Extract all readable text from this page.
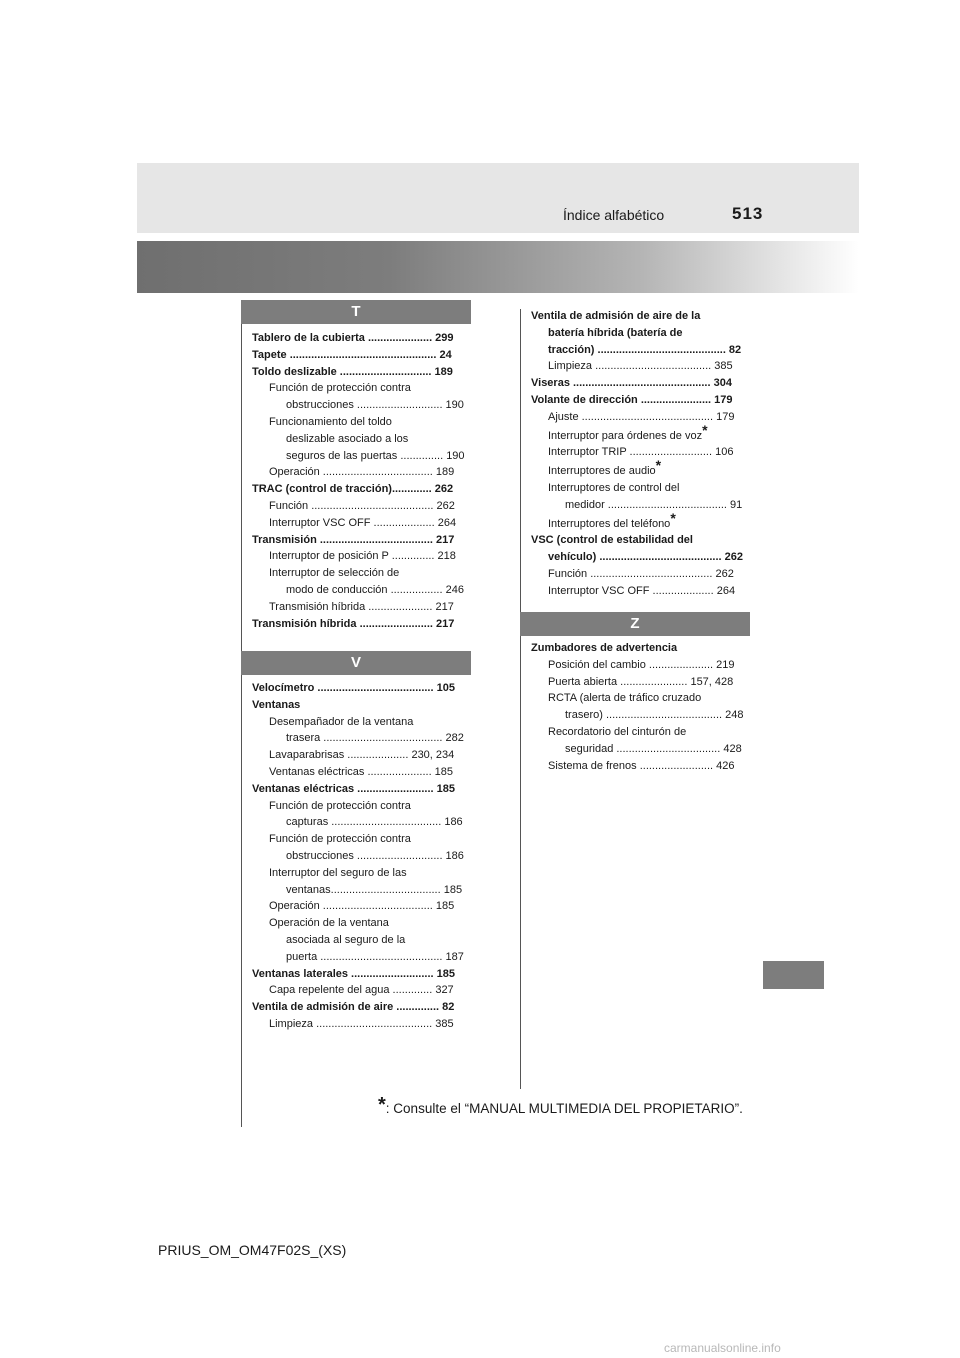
Índice alfabético	513
T
Tablero de la cubierta ..................... 299
Tapete ................................................ 24
Toldo deslizable .............................. 189
Función de protección contra
obstrucciones ............................ 190
Funcionamiento del toldo
deslizable asociado a los
seguros de las puertas .............. 190
Operación .................................... 189
TRAC (control de tracción)............. 262
Función ........................................ 262
Interruptor VSC OFF .................... 264
Transmisión ..................................... 217
Interruptor de posición P .............. 218
Interruptor de selección de
modo de conducción ................. 246
Transmisión híbrida ..................... 217
Transmisión híbrida ........................ 217
V
Velocímetro ...................................... 105
Ventanas
Desempañador de la ventana
trasera ....................................... 282
Lavaparabrisas .................... 230, 234
Ventanas eléctricas ..................... 185
Ventanas eléctricas ......................... 185
Función de protección contra
capturas .................................... 186
Función de protección contra
obstrucciones ............................ 186
Interruptor del seguro de las
ventanas.................................... 185
Operación .................................... 185
Operación de la ventana
asociada al seguro de la
puerta ........................................ 187
Ventanas laterales ........................... 185
Capa repelente del agua ............. 327
Ventila de admisión de aire .............. 82
Limpieza ...................................... 385
Ventila de admisión de aire de la
batería híbrida (batería de
tracción) .......................................... 82
Limpieza ...................................... 385
Viseras ............................................. 304
Volante de dirección ....................... 179
Ajuste ........................................... 179
Interruptor para órdenes de voz*
Interruptor TRIP ........................... 106
Interruptores de audio*
Interruptores de control del
medidor ....................................... 91
Interruptores del teléfono*
VSC (control de estabilidad del
vehículo) ........................................ 262
Función ........................................ 262
Interruptor VSC OFF .................... 264
Z
Zumbadores de advertencia
Posición del cambio ..................... 219
Puerta abierta ...................... 157, 428
RCTA (alerta de tráfico cruzado
trasero) ...................................... 248
Recordatorio del cinturón de
seguridad .................................. 428
Sistema de frenos ........................ 426
*: Consulte el “MANUAL MULTIMEDIA DEL PROPIETARIO”.
PRIUS_OM_OM47F02S_(XS)
carmanualsonline.info
